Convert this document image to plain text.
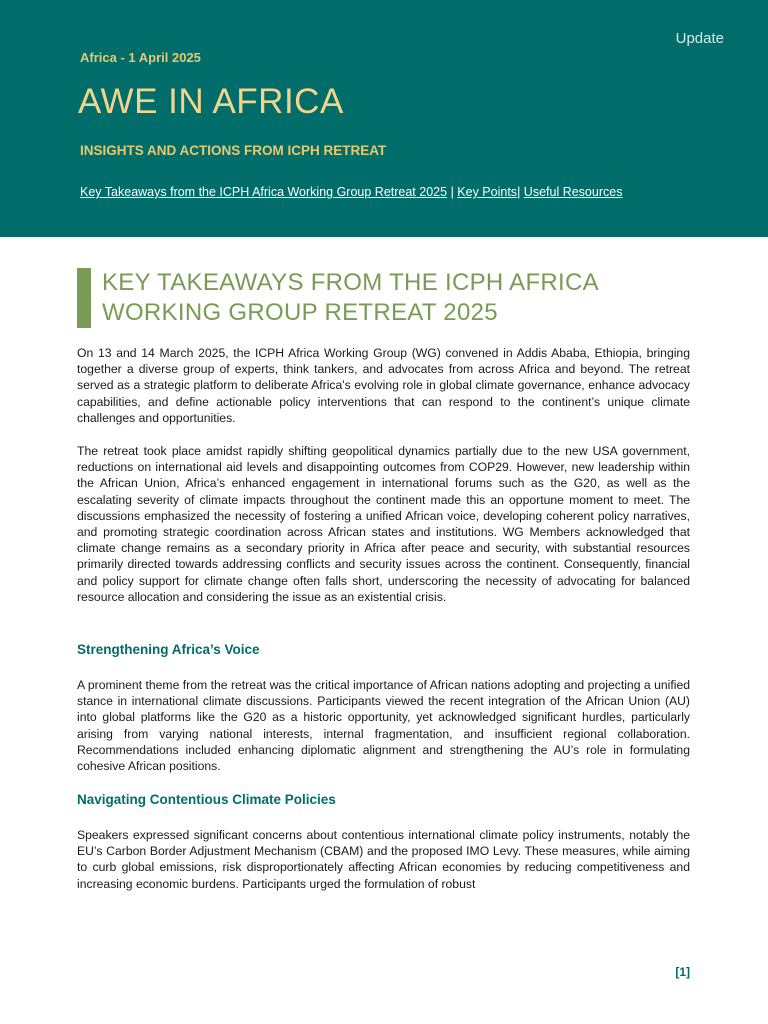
Update
Africa - 1 April 2025
AWE IN AFRICA
INSIGHTS AND ACTIONS FROM ICPH RETREAT
Key Takeaways from the ICPH Africa Working Group Retreat 2025 | Key Points| Useful Resources
KEY TAKEAWAYS FROM THE ICPH AFRICA WORKING GROUP RETREAT 2025

On 13 and 14 March 2025, the ICPH Africa Working Group (WG) convened in Addis Ababa, Ethiopia, bringing together a diverse group of experts, think tankers, and advocates from across Africa and beyond. The retreat served as a strategic platform to deliberate Africa's evolving role in global climate governance, enhance advocacy capabilities, and define actionable policy interventions that can respond to the continent’s unique climate challenges and opportunities.

The retreat took place amidst rapidly shifting geopolitical dynamics partially due to the new USA government, reductions on international aid levels and disappointing outcomes from COP29. However, new leadership within the African Union, Africa’s enhanced engagement in international forums such as the G20, as well as the escalating severity of climate impacts throughout the continent made this an opportune moment to meet. The discussions emphasized the necessity of fostering a unified African voice, developing coherent policy narratives, and promoting strategic coordination across African states and institutions. WG Members acknowledged that climate change remains as a secondary priority in Africa after peace and security, with substantial resources primarily directed towards addressing conflicts and security issues across the continent. Consequently, financial and policy support for climate change often falls short, underscoring the necessity of advocating for balanced resource allocation and considering the issue as an existential crisis.

Strengthening Africa’s Voice

A prominent theme from the retreat was the critical importance of African nations adopting and projecting a unified stance in international climate discussions. Participants viewed the recent integration of the African Union (AU) into global platforms like the G20 as a historic opportunity, yet acknowledged significant hurdles, particularly arising from varying national interests, internal fragmentation, and insufficient regional collaboration. Recommendations included enhancing diplomatic alignment and strengthening the AU’s role in formulating cohesive African positions.

Navigating Contentious Climate Policies

Speakers expressed significant concerns about contentious international climate policy instruments, notably the EU’s Carbon Border Adjustment Mechanism (CBAM) and the proposed IMO Levy. These measures, while aiming to curb global emissions, risk disproportionately affecting African economies by reducing competitiveness and increasing economic burdens. Participants urged the formulation of robust

[1]
